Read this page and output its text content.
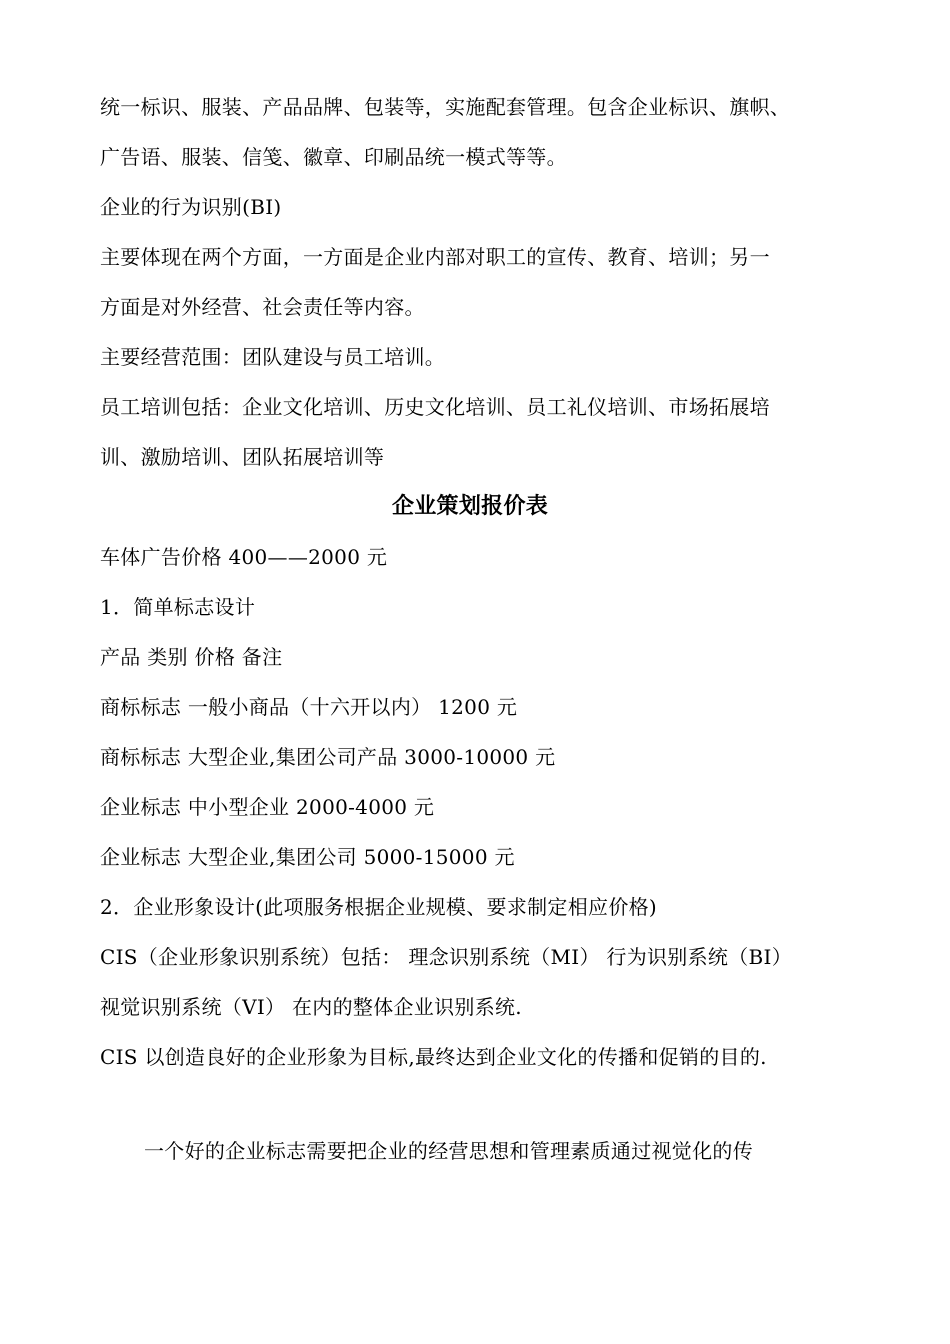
统一标识、服装、产品品牌、包装等，实施配套管理。包含企业标识、旗帜、
广告语、服装、信笺、徽章、印刷品统一模式等等。
企业的行为识别(BI)
主要体现在两个方面，一方面是企业内部对职工的宣传、教育、培训；另一
方面是对外经营、社会责任等内容。
主要经营范围：团队建设与员工培训。
员工培训包括：企业文化培训、历史文化培训、员工礼仪培训、市场拓展培
训、激励培训、团队拓展培训等
企业策划报价表
车体广告价格 400——2000 元
1．简单标志设计
产品 类别 价格 备注
商标标志 一般小商品（十六开以内） 1200 元
商标标志 大型企业,集团公司产品 3000-10000 元
企业标志 中小型企业 2000-4000 元
企业标志 大型企业,集团公司 5000-15000 元
2．企业形象设计(此项服务根据企业规模、要求制定相应价格)
CIS（企业形象识别系统）包括： 理念识别系统（MI） 行为识别系统（BI）
视觉识别系统（VI） 在内的整体企业识别系统.
CIS 以创造良好的企业形象为目标,最终达到企业文化的传播和促销的目的.
一个好的企业标志需要把企业的经营思想和管理素质通过视觉化的传
